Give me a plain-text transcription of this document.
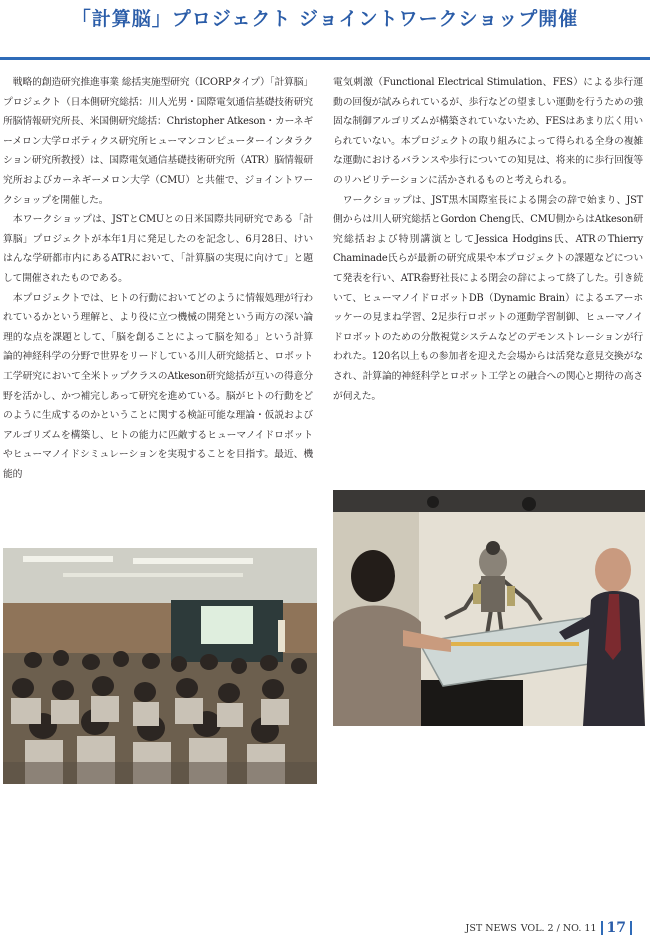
「計算脳」プロジェクト ジョイントワークショップ開催

戦略的創造研究推進事業 総括実施型研究（ICORPタイプ）「計算脳」プロジェクト（日本側研究総括：川人光男・国際電気通信基礎技術研究所脳情報研究所長、米国側研究総括：Christopher Atkeson・カーネギーメロン大学ロボティクス研究所ヒューマンコンピューターインタラクション研究所教授）は、国際電気通信基礎技術研究所（ATR）脳情報研究所およびカーネギーメロン大学（CMU）と共催で、ジョイントワークショップを開催した。

本ワークショップは、JSTとCMUとの日米国際共同研究である「計算脳」プロジェクトが本年1月に発足したのを記念し、6月28日、けいはんな学研都市内にあるATRにおいて、「計算脳の実現に向けて」と題して開催されたものである。

本プロジェクトでは、ヒトの行動においてどのように情報処理が行われているかという理解と、より役に立つ機械の開発という両方の深い論理的な点を課題として、「脳を創ることによって脳を知る」という計算論的神経科学の分野で世界をリードしている川人研究総括と、ロボット工学研究において全米トップクラスのAtkeson研究総括が互いの得意分野を活かし、かつ補完しあって研究を進めている。脳がヒトの行動をどのように生成するのかということに関する検証可能な理論・仮説およびアルゴリズムを構築し、ヒトの能力に匹敵するヒューマノイドロボットやヒューマノイドシミュレーションを実現することを目指す。最近、機能的

電気刺激（Functional Electrical Stimulation、FES）による歩行運動の回復が試みられているが、歩行などの望ましい運動を行うための強固な制御アルゴリズムが構築されていないため、FESはあまり広く用いられていない。本プロジェクトの取り組みによって得られる全身の複雑な運動におけるバランスや歩行についての知見は、将来的に歩行回復等のリハビリテーションに活かされるものと考えられる。

ワークショップは、JST黒木国際室長による開会の辞で始まり、JST側からは川人研究総括とGordon Cheng氏、CMU側からはAtkeson研究総括および特別講演としてJessica Hodgins氏、ATRのThierry Chaminade氏らが最新の研究成果や本プロジェクトの課題などについて発表を行い、ATR畚野社長による閉会の辞によって終了した。引き続いて、ヒューマノイドロボットDB（Dynamic Brain）によるエアーホッケーの見まね学習、2足歩行ロボットの運動学習制御、ヒューマノイドロボットのための分散視覚システムなどのデモンストレーションが行われた。120名以上もの参加者を迎えた会場からは活発な意見交換がなされ、計算論的神経科学とロボット工学との融合への関心と期待の高さが伺えた。

JST NEWS VOL. 2 / NO. 11 17
